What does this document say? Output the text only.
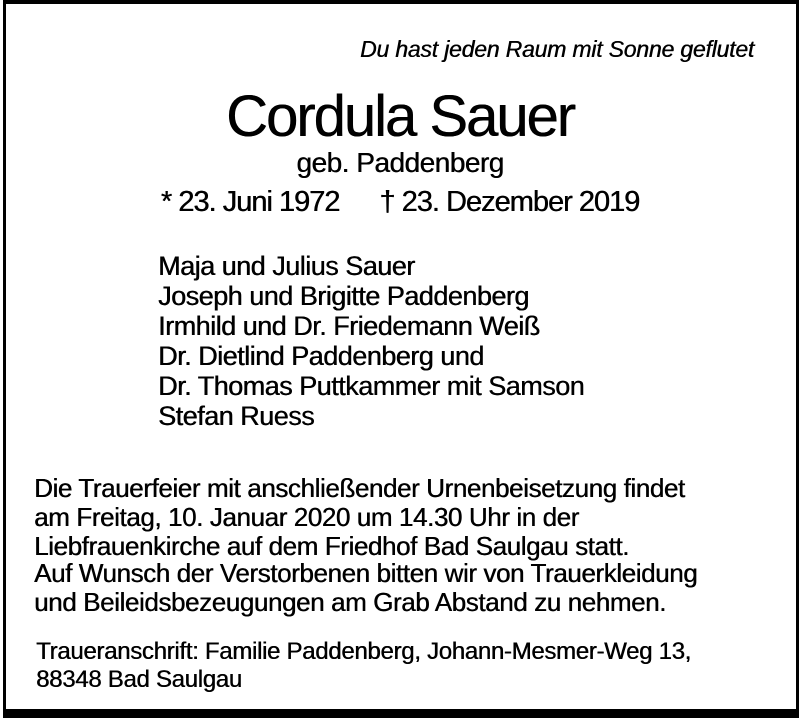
Du hast jeden Raum mit Sonne geflutet
Cordula Sauer
geb. Paddenberg
* 23. Juni 1972 † 23. Dezember 2019
Maja und Julius Sauer
Joseph und Brigitte Paddenberg
Irmhild und Dr. Friedemann Weiß
Dr. Dietlind Paddenberg und
Dr. Thomas Puttkammer mit Samson
Stefan Ruess
Die Trauerfeier mit anschließender Urnenbeisetzung findet
am Freitag, 10. Januar 2020 um 14.30 Uhr in der
Liebfrauenkirche auf dem Friedhof Bad Saulgau statt.
Auf Wunsch der Verstorbenen bitten wir von Trauerkleidung
und Beileidsbezeugungen am Grab Abstand zu nehmen.
Traueranschrift: Familie Paddenberg, Johann-Mesmer-Weg 13,
88348 Bad Saulgau
